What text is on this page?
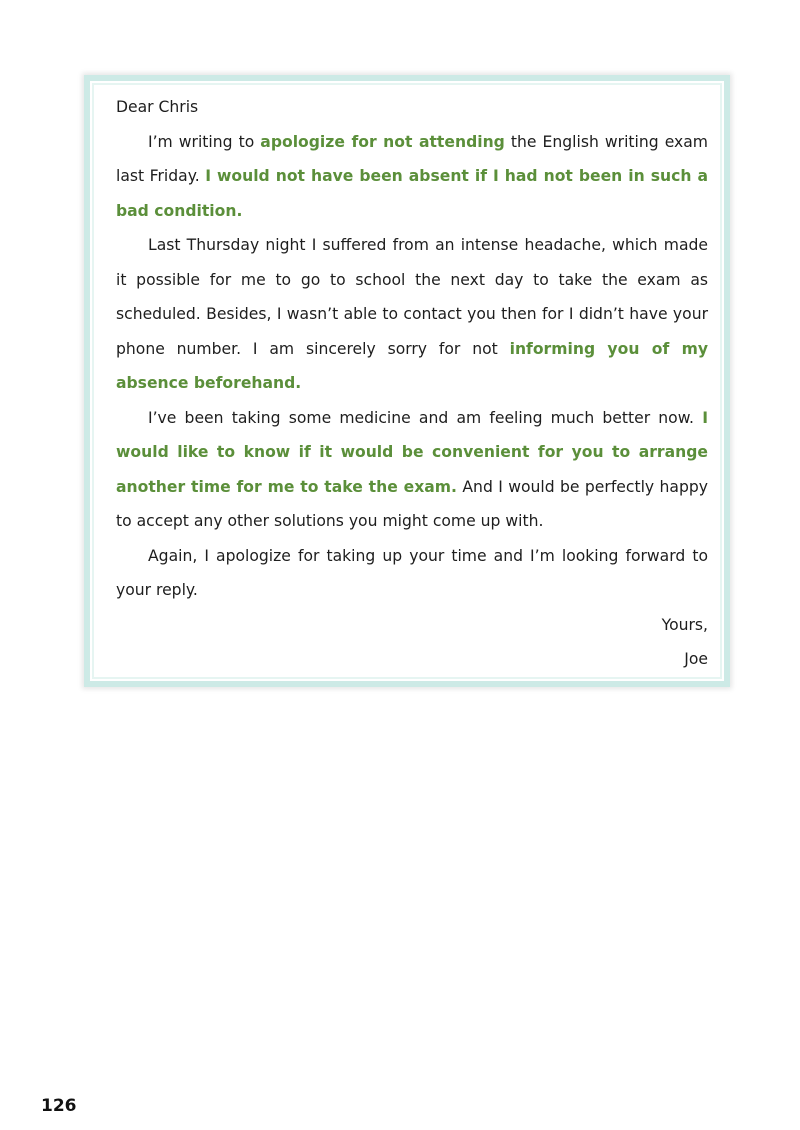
Dear Chris

I’m writing to apologize for not attending the English writing exam last Friday. I would not have been absent if I had not been in such a bad condition.

Last Thursday night I suffered from an intense headache, which made it possible for me to go to school the next day to take the exam as scheduled. Besides, I wasn’t able to contact you then for I didn’t have your phone number. I am sincerely sorry for not informing you of my absence beforehand.

I’ve been taking some medicine and am feeling much better now. I would like to know if it would be convenient for you to arrange another time for me to take the exam. And I would be perfectly happy to accept any other solutions you might come up with.

Again, I apologize for taking up your time and I’m looking forward to your reply.

Yours,

Joe

126
